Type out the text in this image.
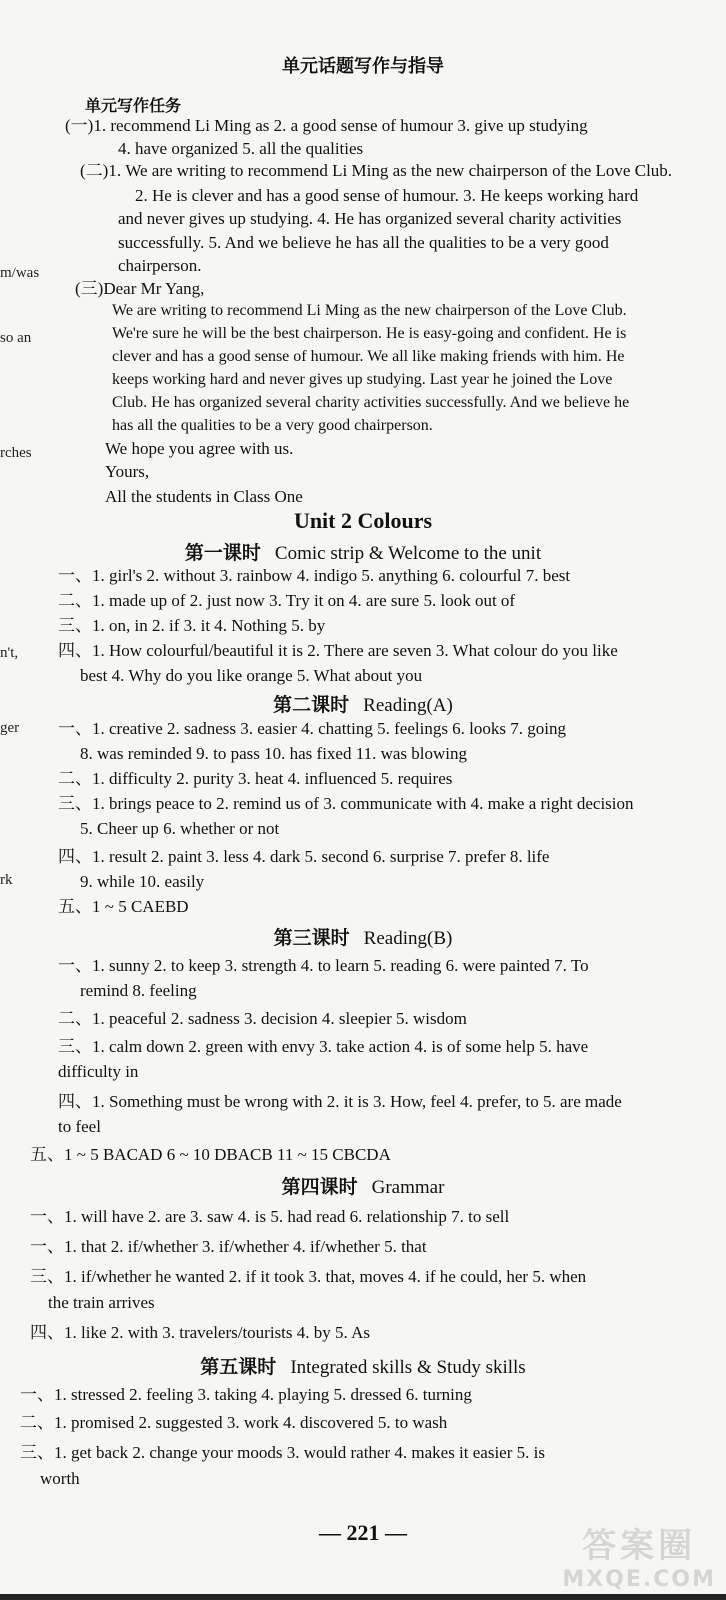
m/was
so an
rches
n't,
ger
rk
单元话题写作与指导
单元写作任务
(一)1. recommend Li Ming as 2. a good sense of humour 3. give up studying
4. have organized 5. all the qualities
(二)1. We are writing to recommend Li Ming as the new chairperson of the Love Club.
2. He is clever and has a good sense of humour. 3. He keeps working hard
and never gives up studying. 4. He has organized several charity activities
successfully. 5. And we believe he has all the qualities to be a very good
chairperson.
(三)Dear Mr Yang,
We are writing to recommend Li Ming as the new chairperson of the Love Club.
We're sure he will be the best chairperson. He is easy-going and confident. He is
clever and has a good sense of humour. We all like making friends with him. He
keeps working hard and never gives up studying. Last year he joined the Love
Club. He has organized several charity activities successfully. And we believe he
has all the qualities to be a very good chairperson.
We hope you agree with us.
Yours,
All the students in Class One
Unit 2 Colours
第一课时 Comic strip & Welcome to the unit
一、1. girl's 2. without 3. rainbow 4. indigo 5. anything 6. colourful 7. best
二、1. made up of 2. just now 3. Try it on 4. are sure 5. look out of
三、1. on, in 2. if 3. it 4. Nothing 5. by
四、1. How colourful/beautiful it is 2. There are seven 3. What colour do you like
best 4. Why do you like orange 5. What about you
第二课时 Reading(A)
一、1. creative 2. sadness 3. easier 4. chatting 5. feelings 6. looks 7. going
8. was reminded 9. to pass 10. has fixed 11. was blowing
二、1. difficulty 2. purity 3. heat 4. influenced 5. requires
三、1. brings peace to 2. remind us of 3. communicate with 4. make a right decision
5. Cheer up 6. whether or not
四、1. result 2. paint 3. less 4. dark 5. second 6. surprise 7. prefer 8. life
9. while 10. easily
五、1 ~ 5 CAEBD
第三课时 Reading(B)
一、1. sunny 2. to keep 3. strength 4. to learn 5. reading 6. were painted 7. To
remind 8. feeling
二、1. peaceful 2. sadness 3. decision 4. sleepier 5. wisdom
三、1. calm down 2. green with envy 3. take action 4. is of some help 5. have
difficulty in
四、1. Something must be wrong with 2. it is 3. How, feel 4. prefer, to 5. are made
to feel
五、1 ~ 5 BACAD 6 ~ 10 DBACB 11 ~ 15 CBCDA
第四课时 Grammar
一、1. will have 2. are 3. saw 4. is 5. had read 6. relationship 7. to sell
一、1. that 2. if/whether 3. if/whether 4. if/whether 5. that
三、1. if/whether he wanted 2. if it took 3. that, moves 4. if he could, her 5. when
the train arrives
四、1. like 2. with 3. travelers/tourists 4. by 5. As
第五课时 Integrated skills & Study skills
一、1. stressed 2. feeling 3. taking 4. playing 5. dressed 6. turning
二、1. promised 2. suggested 3. work 4. discovered 5. to wash
三、1. get back 2. change your moods 3. would rather 4. makes it easier 5. is
worth
— 221 —	答案圈
MXQE.COM
